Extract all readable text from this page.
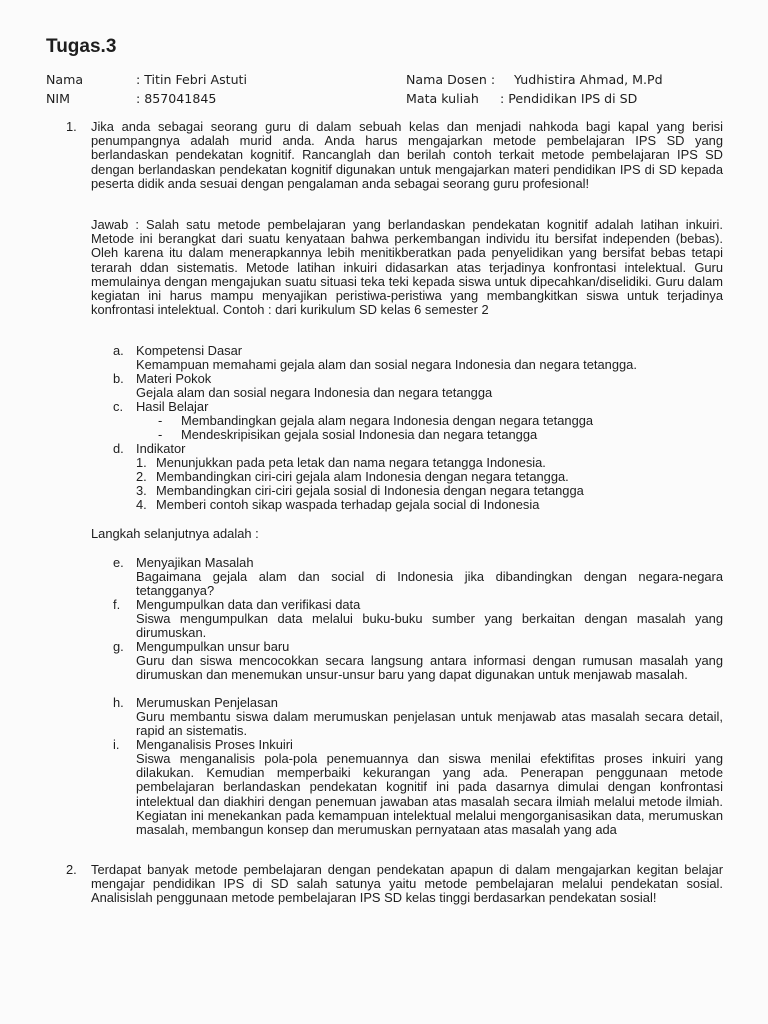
Tugas.3
Nama	: Titin Febri Astuti
NIM	: 857041845
Nama Dosen : Yudhistira Ahmad, M.Pd
Mata kuliah : Pendidikan IPS di SD
1. Jika anda sebagai seorang guru di dalam sebuah kelas dan menjadi nahkoda bagi kapal yang berisi penumpangnya adalah murid anda. Anda harus mengajarkan metode pembelajaran IPS SD yang berlandaskan pendekatan kognitif. Rancanglah dan berilah contoh terkait metode pembelajaran IPS SD dengan berlandaskan pendekatan kognitif digunakan untuk mengajarkan materi pendidikan IPS di SD kepada peserta didik anda sesuai dengan pengalaman anda sebagai seorang guru profesional!
Jawab : Salah satu metode pembelajaran yang berlandaskan pendekatan kognitif adalah latihan inkuiri. Metode ini berangkat dari suatu kenyataan bahwa perkembangan individu itu bersifat independen (bebas). Oleh karena itu dalam menerapkannya lebih menitikberatkan pada penyelidikan yang bersifat bebas tetapi terarah ddan sistematis. Metode latihan inkuiri didasarkan atas terjadinya konfrontasi intelektual. Guru memulainya dengan mengajukan suatu situasi teka teki kepada siswa untuk dipecahkan/diselidiki. Guru dalam kegiatan ini harus mampu menyajikan peristiwa-peristiwa yang membangkitkan siswa untuk terjadinya konfrontasi intelektual. Contoh : dari kurikulum SD kelas 6 semester 2
a. Kompetensi Dasar
Kemampuan memahami gejala alam dan sosial negara Indonesia dan negara tetangga.
b. Materi Pokok
Gejala alam dan sosial negara Indonesia dan negara tetangga
c. Hasil Belajar
- Membandingkan gejala alam negara Indonesia dengan negara tetangga
- Mendeskripisikan gejala sosial Indonesia dan negara tetangga
d. Indikator
1. Menunjukkan pada peta letak dan nama negara tetangga Indonesia.
2. Membandingkan ciri-ciri gejala alam Indonesia dengan negara tetangga.
3. Membandingkan ciri-ciri gejala sosial di Indonesia dengan negara tetangga
4. Memberi contoh sikap waspada terhadap gejala social di Indonesia
Langkah selanjutnya adalah :
e. Menyajikan Masalah
Bagaimana gejala alam dan social di Indonesia jika dibandingkan dengan negara-negara tetangganya?
f. Mengumpulkan data dan verifikasi data
Siswa mengumpulkan data melalui buku-buku sumber yang berkaitan dengan masalah yang dirumuskan.
g. Mengumpulkan unsur baru
Guru dan siswa mencocokkan secara langsung antara informasi dengan rumusan masalah yang dirumuskan dan menemukan unsur-unsur baru yang dapat digunakan untuk menjawab masalah.
h. Merumuskan Penjelasan
Guru membantu siswa dalam merumuskan penjelasan untuk menjawab atas masalah secara detail, rapid an sistematis.
i. Menganalisis Proses Inkuiri
Siswa menganalisis pola-pola penemuannya dan siswa menilai efektifitas proses inkuiri yang dilakukan. Kemudian memperbaiki kekurangan yang ada. Penerapan penggunaan metode pembelajaran berlandaskan pendekatan kognitif ini pada dasarnya dimulai dengan konfrontasi intelektual dan diakhiri dengan penemuan jawaban atas masalah secara ilmiah melalui metode ilmiah. Kegiatan ini menekankan pada kemampuan intelektual melalui mengorganisasikan data, merumuskan masalah, membangun konsep dan merumuskan pernyataan atas masalah yang ada
2. Terdapat banyak metode pembelajaran dengan pendekatan apapun di dalam mengajarkan kegitan belajar mengajar pendidikan IPS di SD salah satunya yaitu metode pembelajaran melalui pendekatan sosial. Analisislah penggunaan metode pembelajaran IPS SD kelas tinggi berdasarkan pendekatan sosial!
